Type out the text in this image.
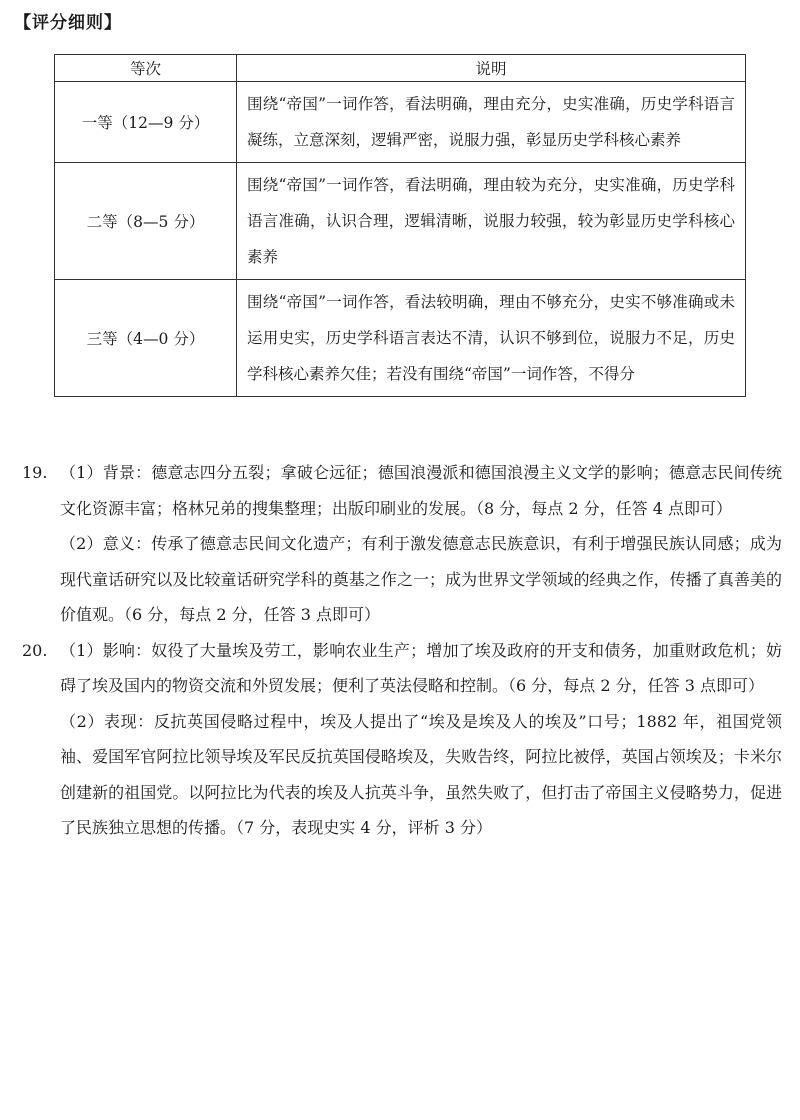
【评分细则】
等次	说明
一等（12—9 分）	围绕“帝国”一词作答，看法明确，理由充分，史实准确，历史学科语言凝练，立意深刻，逻辑严密，说服力强，彰显历史学科核心素养
二等（8—5 分）	围绕“帝国”一词作答，看法明确，理由较为充分，史实准确，历史学科语言准确，认识合理，逻辑清晰，说服力较强，较为彰显历史学科核心素养
三等（4—0 分）	围绕“帝国”一词作答，看法较明确，理由不够充分，史实不够准确或未运用史实，历史学科语言表达不清，认识不够到位，说服力不足，历史学科核心素养欠佳；若没有围绕“帝国”一词作答，不得分
19. （1）背景：德意志四分五裂；拿破仑远征；德国浪漫派和德国浪漫主义文学的影响；德意志民间传统文化资源丰富；格林兄弟的搜集整理；出版印刷业的发展。（8 分，每点 2 分，任答 4 点即可）
（2）意义：传承了德意志民间文化遗产；有利于激发德意志民族意识，有利于增强民族认同感；成为现代童话研究以及比较童话研究学科的奠基之作之一；成为世界文学领域的经典之作，传播了真善美的价值观。（6 分，每点 2 分，任答 3 点即可）
20. （1）影响：奴役了大量埃及劳工，影响农业生产；增加了埃及政府的开支和债务，加重财政危机；妨碍了埃及国内的物资交流和外贸发展；便利了英法侵略和控制。（6 分，每点 2 分，任答 3 点即可）
（2）表现：反抗英国侵略过程中，埃及人提出了“埃及是埃及人的埃及”口号；1882 年，祖国党领袖、爱国军官阿拉比领导埃及军民反抗英国侵略埃及，失败告终，阿拉比被俘，英国占领埃及；卡米尔创建新的祖国党。以阿拉比为代表的埃及人抗英斗争，虽然失败了，但打击了帝国主义侵略势力，促进了民族独立思想的传播。（7 分，表现史实 4 分，评析 3 分）
